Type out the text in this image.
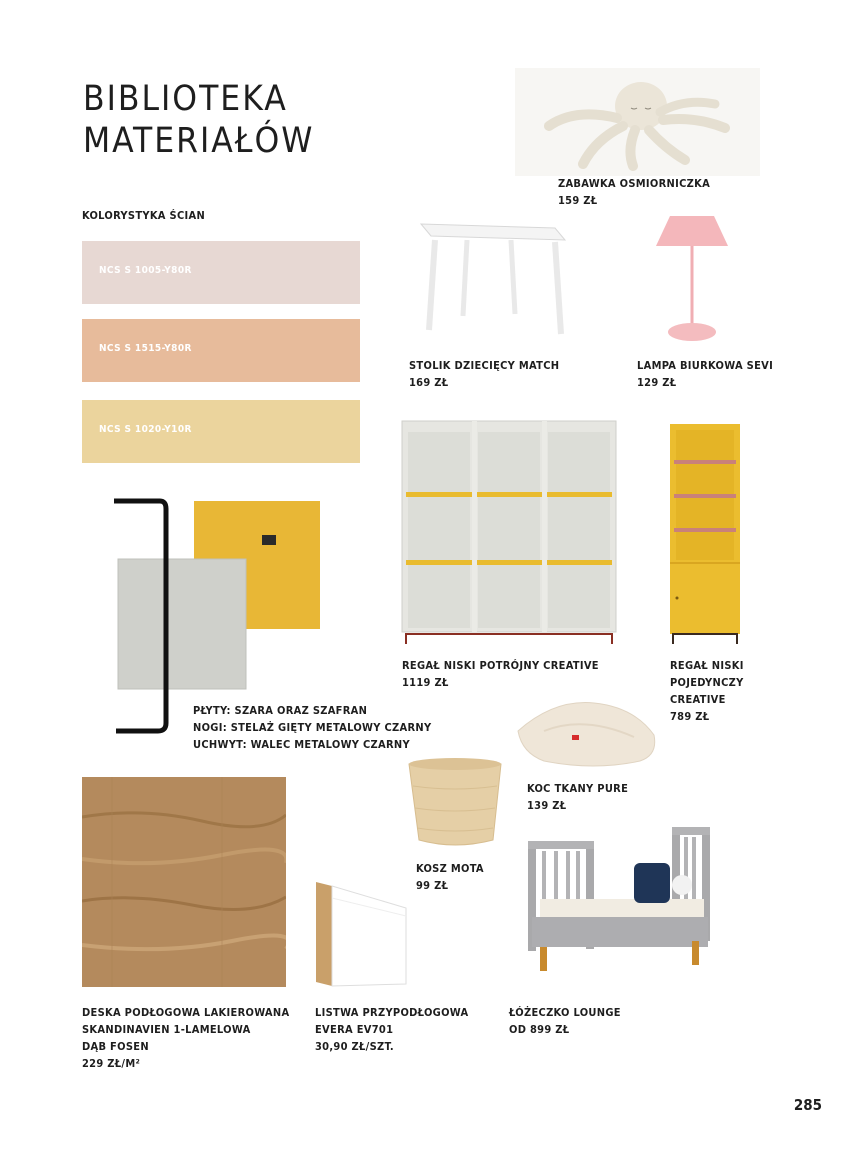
BIBLIOTEKA
MATERIAŁÓW
KOLORYSTYKA ŚCIAN
NCS S 1005-Y80R
NCS S 1515-Y80R
NCS S 1020-Y10R
PŁYTY: SZARA ORAZ SZAFRAN
NOGI: STELAŻ GIĘTY METALOWY CZARNY
UCHWYT: WALEC METALOWY CZARNY
ZABAWKA OSMIORNICZKA
159 ZŁ
STOLIK DZIECIĘCY MATCH
169 ZŁ
LAMPA BIURKOWA SEVI
129 ZŁ
REGAŁ NISKI POTRÓJNY CREATIVE
1119 ZŁ
REGAŁ NISKI
POJEDYNCZY
CREATIVE
789 ZŁ
KOC TKANY PURE
139 ZŁ
KOSZ MOTA
99 ZŁ
DESKA PODŁOGOWA LAKIEROWANA
SKANDINAVIEN 1-LAMELOWA
DĄB FOSEN
229 ZŁ/M²
LISTWA PRZYPODŁOGOWA
EVERA EV701
30,90 ZŁ/SZT.
ŁÓŻECZKO LOUNGE
OD 899 ZŁ
285
